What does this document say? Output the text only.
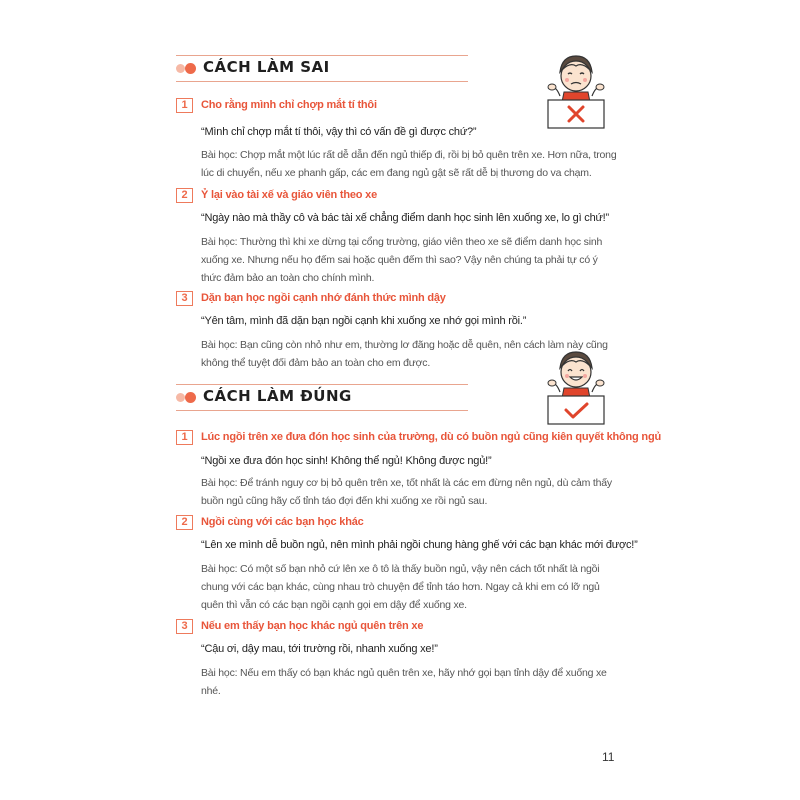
CÁCH LÀM SAI
1	Cho rằng mình chỉ chợp mắt tí thôi
“Mình chỉ chợp mắt tí thôi, vậy thì có vấn đề gì được chứ?”
Bài học: Chợp mắt một lúc rất dễ dẫn đến ngủ thiếp đi, rồi bị bỏ quên trên xe. Hơn nữa, trong lúc di chuyển, nếu xe phanh gấp, các em đang ngủ gật sẽ rất dễ bị thương do va chạm.
2	Ỷ lại vào tài xế và giáo viên theo xe
“Ngày nào mà thầy cô và bác tài xế chẳng điểm danh học sinh lên xuống xe, lo gì chứ!”
Bài học: Thường thì khi xe dừng tại cổng trường, giáo viên theo xe sẽ điểm danh học sinh xuống xe. Nhưng nếu họ đếm sai hoặc quên đếm thì sao? Vậy nên chúng ta phải tự có ý thức đảm bảo an toàn cho chính mình.
3	Dặn bạn học ngồi cạnh nhớ đánh thức mình dậy
“Yên tâm, mình đã dặn bạn ngồi cạnh khi xuống xe nhớ gọi mình rồi.”
Bài học: Bạn cũng còn nhỏ như em, thường lơ đãng hoặc dễ quên, nên cách làm này cũng không thể tuyệt đối đảm bảo an toàn cho em được.
CÁCH LÀM ĐÚNG
1	Lúc ngồi trên xe đưa đón học sinh của trường, dù có buồn ngủ cũng kiên quyết không ngủ
“Ngồi xe đưa đón học sinh! Không thể ngủ! Không được ngủ!”
Bài học: Để tránh nguy cơ bị bỏ quên trên xe, tốt nhất là các em đừng nên ngủ, dù cảm thấy buồn ngủ cũng hãy cố tỉnh táo đợi đến khi xuống xe rồi ngủ sau.
2	Ngồi cùng với các bạn học khác
“Lên xe mình dễ buồn ngủ, nên mình phải ngồi chung hàng ghế với các bạn khác mới được!”
Bài học: Có một số bạn nhỏ cứ lên xe ô tô là thấy buồn ngủ, vậy nên cách tốt nhất là ngồi chung với các bạn khác, cùng nhau trò chuyện để tỉnh táo hơn. Ngay cả khi em có lỡ ngủ quên thì vẫn có các bạn ngồi cạnh gọi em dậy để xuống xe.
3	Nếu em thấy bạn học khác ngủ quên trên xe
“Cậu ơi, dậy mau, tới trường rồi, nhanh xuống xe!”
Bài học: Nếu em thấy có bạn khác ngủ quên trên xe, hãy nhớ gọi bạn tỉnh dậy để xuống xe nhé.
11
